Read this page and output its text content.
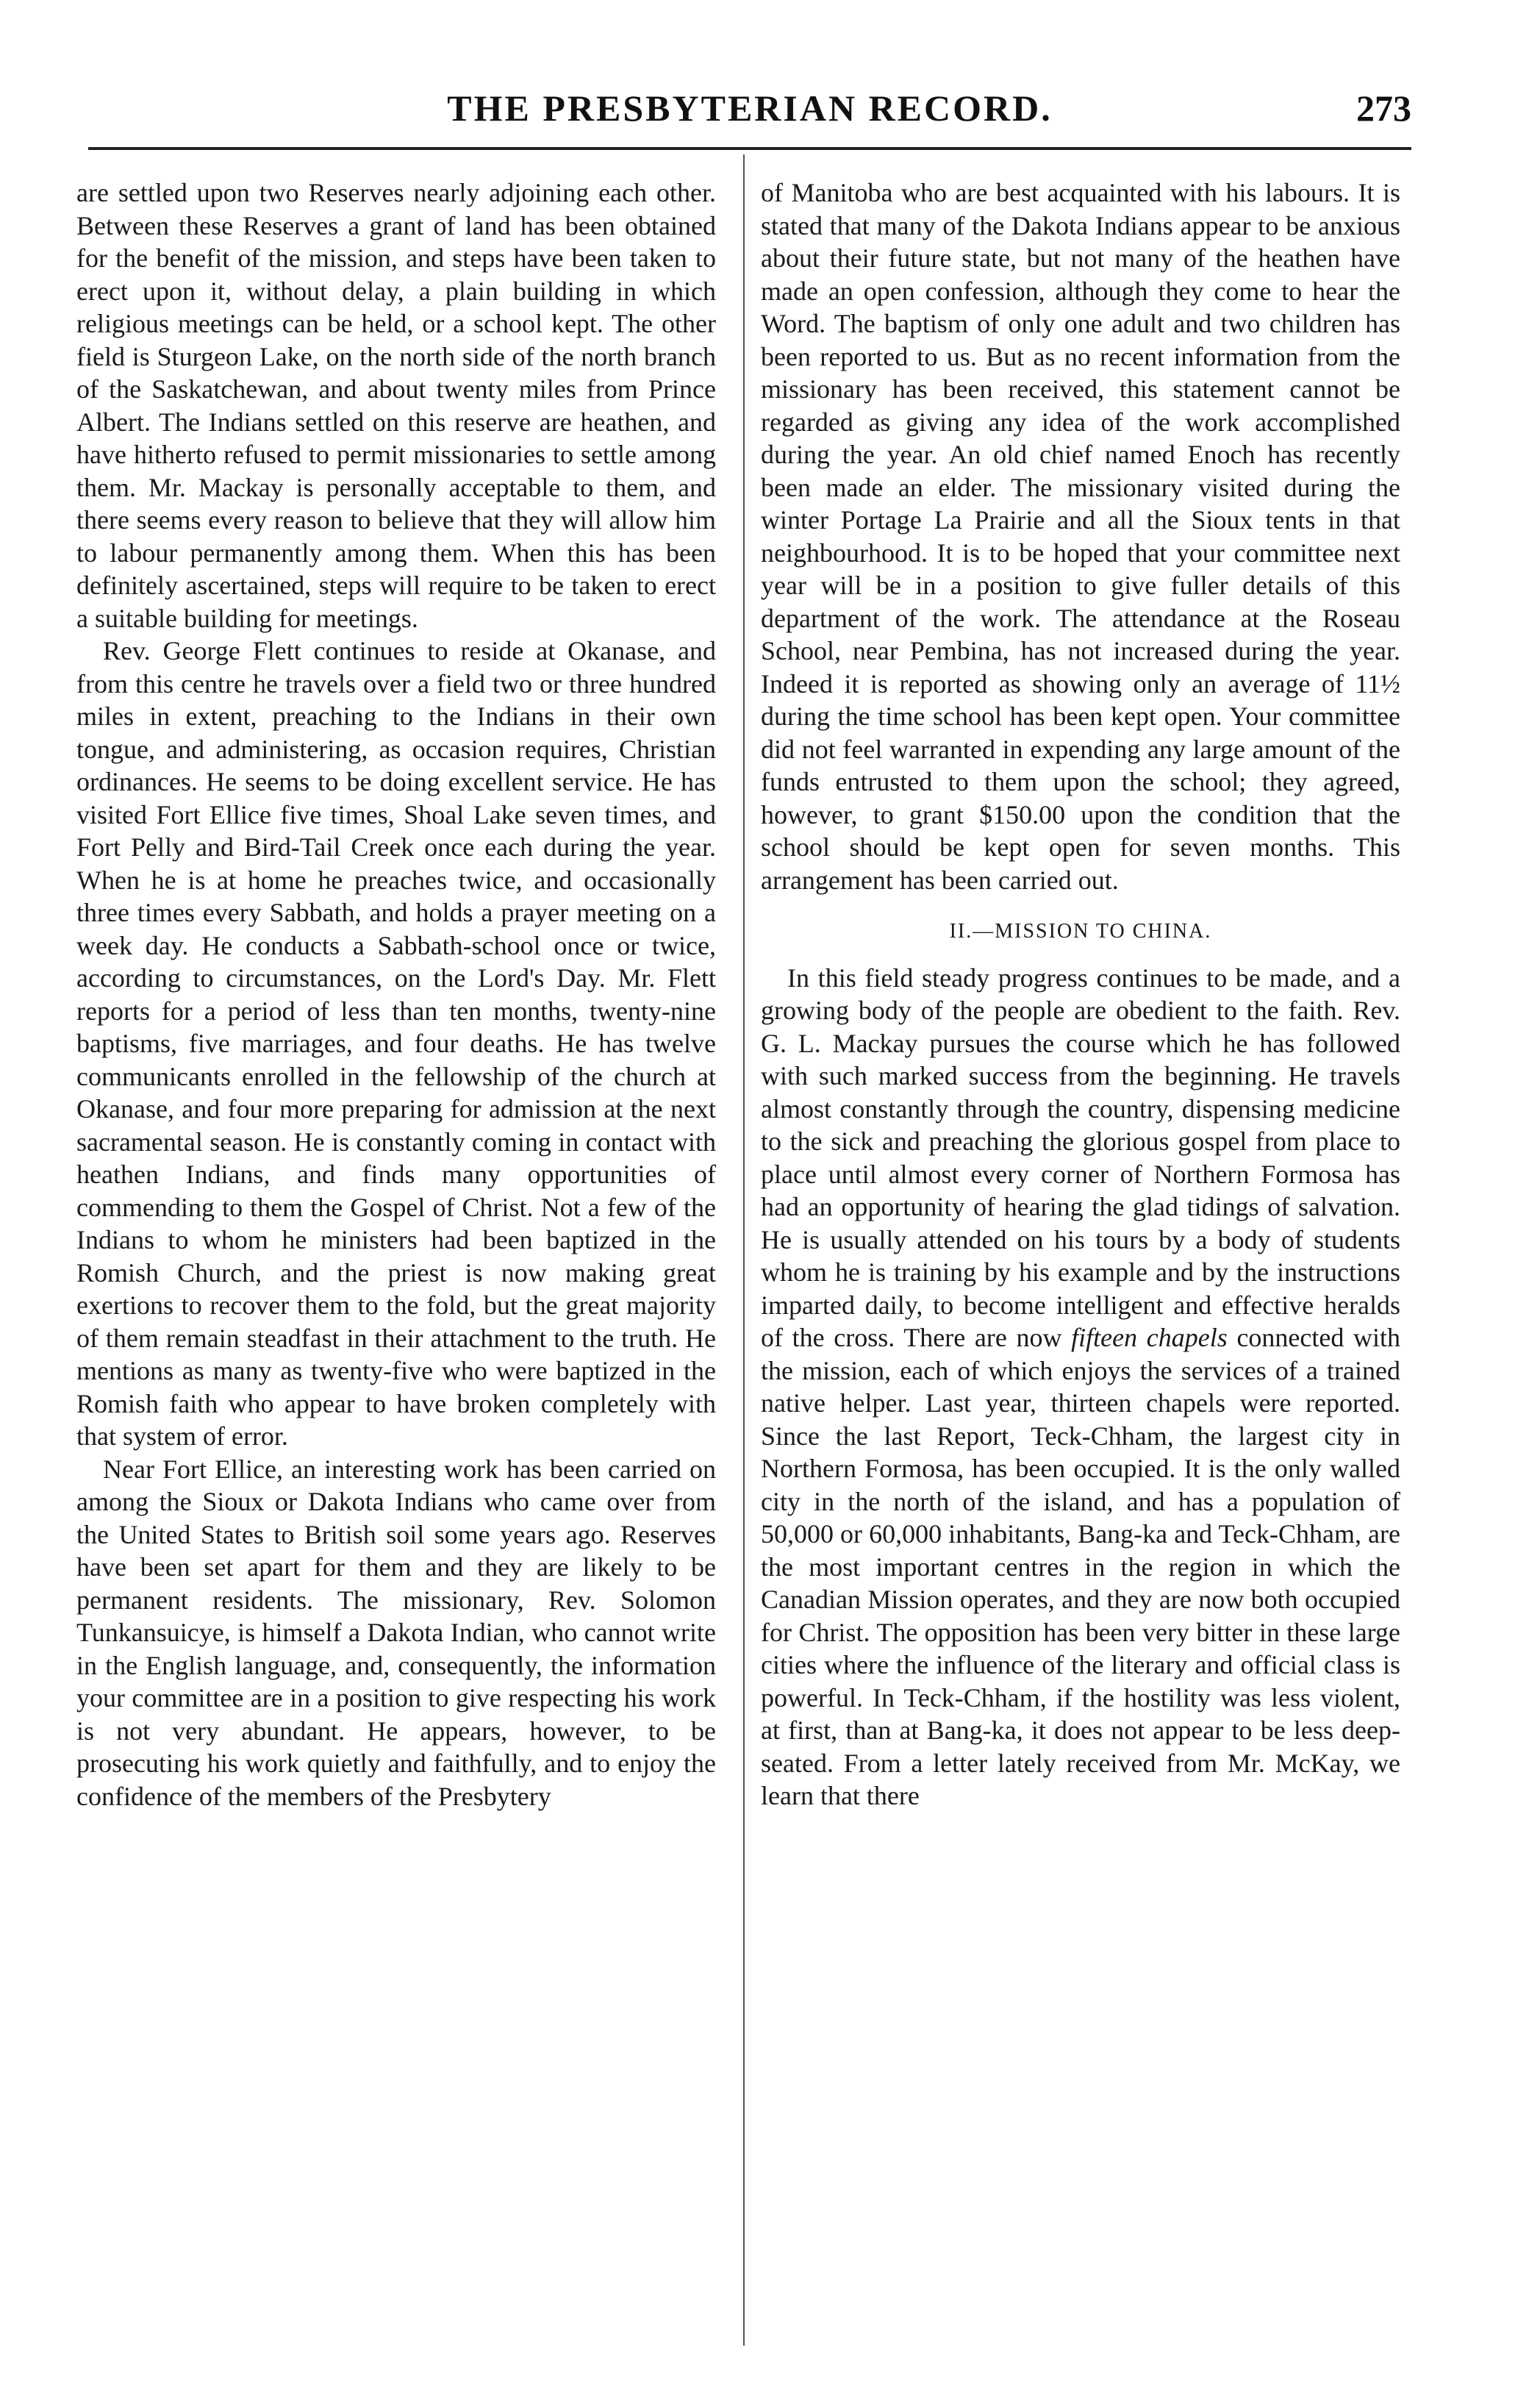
THE PRESBYTERIAN RECORD.	273

are settled upon two Reserves nearly adjoining each other. Between these Reserves a grant of land has been obtained for the benefit of the mission, and steps have been taken to erect upon it, without delay, a plain building in which religious meetings can be held, or a school kept. The other field is Sturgeon Lake, on the north side of the north branch of the Saskatchewan, and about twenty miles from Prince Albert. The Indians settled on this reserve are heathen, and have hitherto refused to permit missionaries to settle among them. Mr. Mackay is personally acceptable to them, and there seems every reason to believe that they will allow him to labour permanently among them. When this has been definitely ascertained, steps will require to be taken to erect a suitable building for meetings.

Rev. George Flett continues to reside at Okanase, and from this centre he travels over a field two or three hundred miles in extent, preaching to the Indians in their own tongue, and administering, as occasion requires, Christian ordinances. He seems to be doing excellent service. He has visited Fort Ellice five times, Shoal Lake seven times, and Fort Pelly and Bird-Tail Creek once each during the year. When he is at home he preaches twice, and occasionally three times every Sabbath, and holds a prayer meeting on a week day. He conducts a Sabbath-school once or twice, according to circumstances, on the Lord's Day. Mr. Flett reports for a period of less than ten months, twenty-nine baptisms, five marriages, and four deaths. He has twelve communicants enrolled in the fellowship of the church at Okanase, and four more preparing for admission at the next sacramental season. He is constantly coming in contact with heathen Indians, and finds many opportunities of commending to them the Gospel of Christ. Not a few of the Indians to whom he ministers had been baptized in the Romish Church, and the priest is now making great exertions to recover them to the fold, but the great majority of them remain steadfast in their attachment to the truth. He mentions as many as twenty-five who were baptized in the Romish faith who appear to have broken completely with that system of error.

Near Fort Ellice, an interesting work has been carried on among the Sioux or Dakota Indians who came over from the United States to British soil some years ago. Reserves have been set apart for them and they are likely to be permanent residents. The missionary, Rev. Solomon Tunkansuicye, is himself a Dakota Indian, who cannot write in the English language, and, consequently, the information your committee are in a position to give respecting his work is not very abundant. He appears, however, to be prosecuting his work quietly and faithfully, and to enjoy the confidence of the members of the Presbytery

of Manitoba who are best acquainted with his labours. It is stated that many of the Dakota Indians appear to be anxious about their future state, but not many of the heathen have made an open confession, although they come to hear the Word. The baptism of only one adult and two children has been reported to us. But as no recent information from the missionary has been received, this statement cannot be regarded as giving any idea of the work accomplished during the year. An old chief named Enoch has recently been made an elder. The missionary visited during the winter Portage La Prairie and all the Sioux tents in that neighbourhood. It is to be hoped that your committee next year will be in a position to give fuller details of this department of the work. The attendance at the Roseau School, near Pembina, has not increased during the year. Indeed it is reported as showing only an average of 11½ during the time school has been kept open. Your committee did not feel warranted in expending any large amount of the funds entrusted to them upon the school; they agreed, however, to grant $150.00 upon the condition that the school should be kept open for seven months. This arrangement has been carried out.

II.—MISSION TO CHINA.

In this field steady progress continues to be made, and a growing body of the people are obedient to the faith. Rev. G. L. Mackay pursues the course which he has followed with such marked success from the beginning. He travels almost constantly through the country, dispensing medicine to the sick and preaching the glorious gospel from place to place until almost every corner of Northern Formosa has had an opportunity of hearing the glad tidings of salvation. He is usually attended on his tours by a body of students whom he is training by his example and by the instructions imparted daily, to become intelligent and effective heralds of the cross. There are now fifteen chapels connected with the mission, each of which enjoys the services of a trained native helper. Last year, thirteen chapels were reported. Since the last Report, Teck-Chham, the largest city in Northern Formosa, has been occupied. It is the only walled city in the north of the island, and has a population of 50,000 or 60,000 inhabitants, Bang-ka and Teck-Chham, are the most important centres in the region in which the Canadian Mission operates, and they are now both occupied for Christ. The opposition has been very bitter in these large cities where the influence of the literary and official class is powerful. In Teck-Chham, if the hostility was less violent, at first, than at Bang-ka, it does not appear to be less deep-seated. From a letter lately received from Mr. McKay, we learn that there
